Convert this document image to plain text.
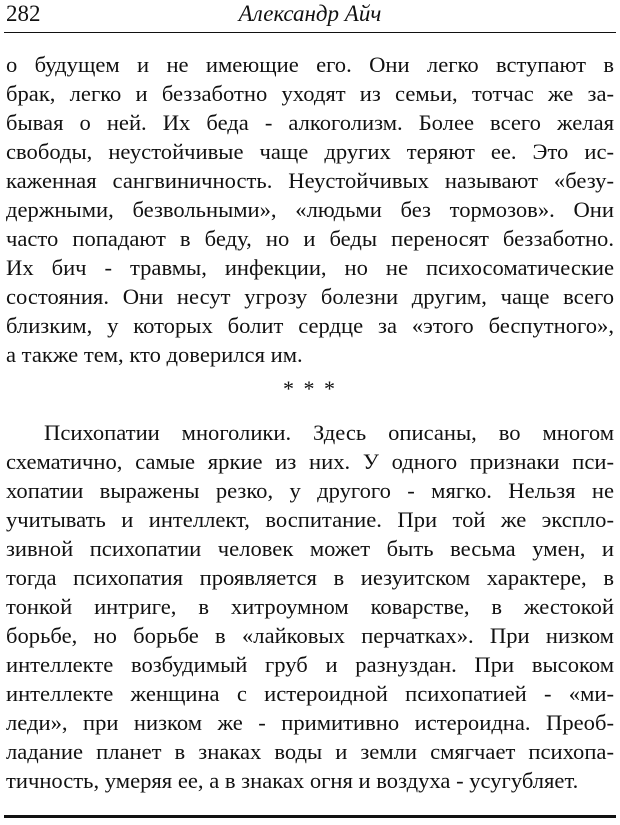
282	Александр Айч
о будущем и не имеющие его. Они легко вступают в
брак, легко и беззаботно уходят из семьи, тотчас же за-
бывая о ней. Их беда - алкоголизм. Более всего желая
свободы, неустойчивые чаще других теряют ее. Это ис-
каженная сангвиничность. Неустойчивых называют «безу-
держными, безвольными», «людьми без тормозов». Они
часто попадают в беду, но и беды переносят беззаботно.
Их бич - травмы, инфекции, но не психосоматические
состояния. Они несут угрозу болезни другим, чаще всего
близким, у которых болит сердце за «этого беспутного»,
а также тем, кто доверился им.
* * *
Психопатии многолики. Здесь описаны, во многом
схематично, самые яркие из них. У одного признаки пси-
хопатии выражены резко, у другого - мягко. Нельзя не
учитывать и интеллект, воспитание. При той же эксплo-
зивной психопатии человек может быть весьма умен, и
тогда психопатия проявляется в иезуитском характере, в
тонкой интриге, в хитроумном коварстве, в жестокой
борьбе, но борьбе в «лайковых перчатках». При низком
интеллекте возбудимый груб и разнуздан. При высоком
интеллекте женщина с истероидной психопатией - «ми-
леди», при низком же - примитивно истероидна. Преоб-
ладание планет в знаках воды и земли смягчает психопа-
тичность, умеряя ее, а в знаках огня и воздуха - усугубляет.
